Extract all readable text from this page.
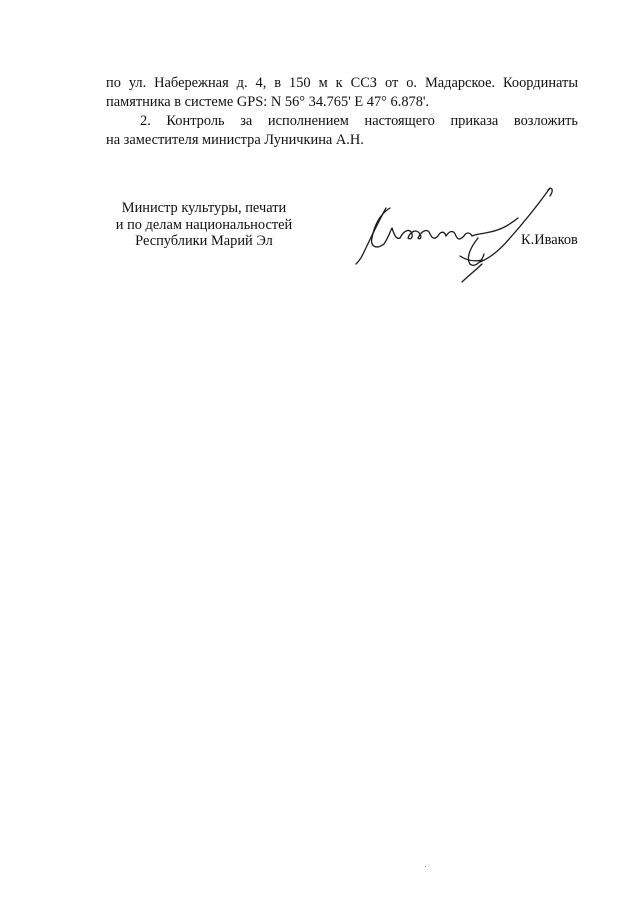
по ул. Набережная д. 4, в 150 м к ССЗ от о. Мадарское. Координаты
памятника в системе GPS: N 56° 34.765' E 47° 6.878'.

2. Контроль за исполнением настоящего приказа возложить
на заместителя министра Луничкина А.Н.

Министр культуры, печати
и по делам национальностей
Республики Марий Эл	К.Иваков
